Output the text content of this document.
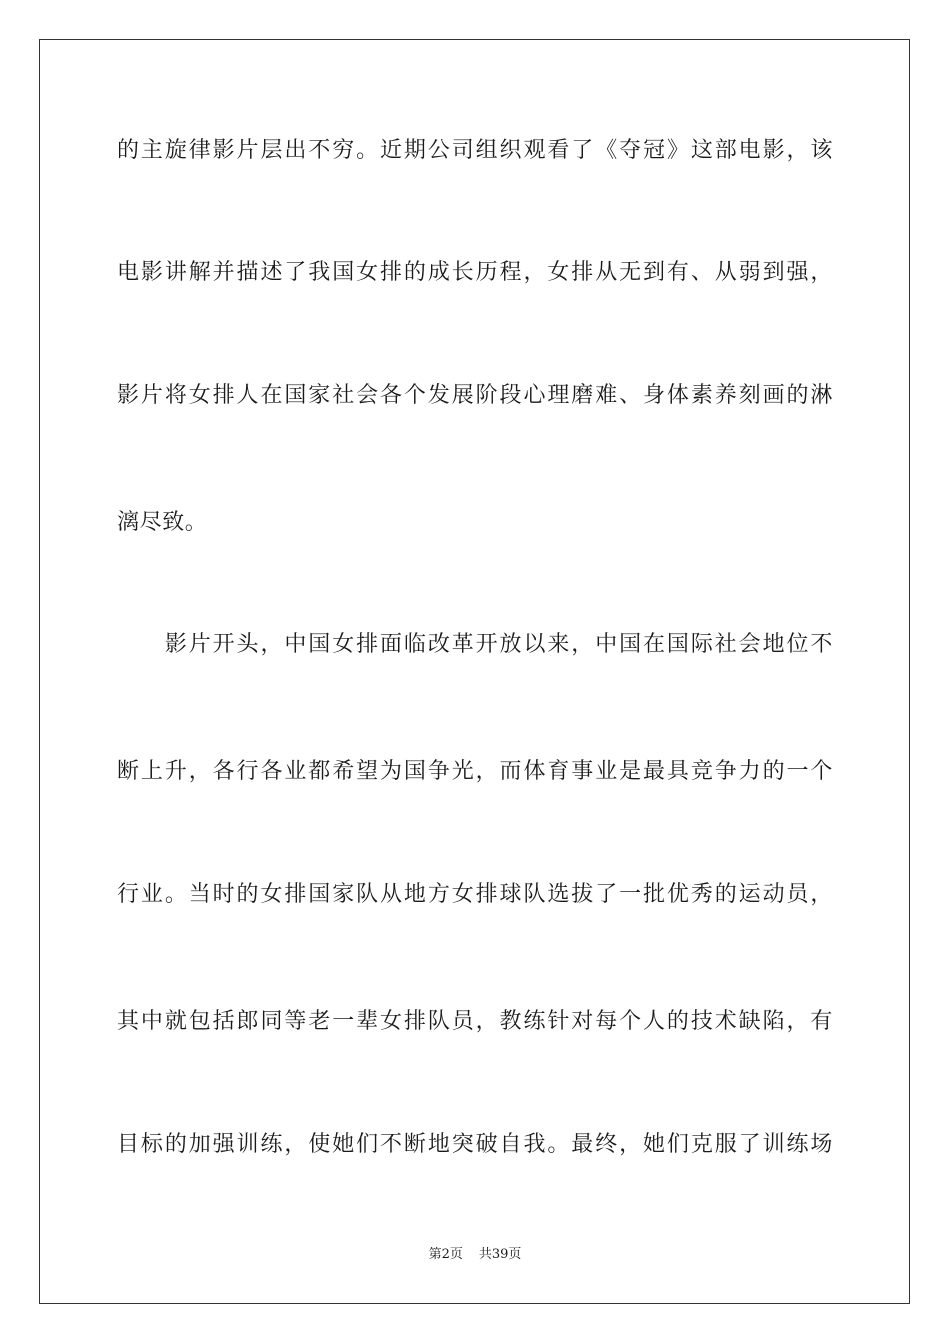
的主旋律影片层出不穷。近期公司组织观看了《夺冠》这部电影，该
电影讲解并描述了我国女排的成长历程，女排从无到有、从弱到强，
影片将女排人在国家社会各个发展阶段心理磨难、身体素养刻画的淋
漓尽致。
　　影片开头，中国女排面临改革开放以来，中国在国际社会地位不
断上升，各行各业都希望为国争光，而体育事业是最具竞争力的一个
行业。当时的女排国家队从地方女排球队选拔了一批优秀的运动员，
其中就包括郎同等老一辈女排队员，教练针对每个人的技术缺陷，有
目标的加强训练，使她们不断地突破自我。最终，她们克服了训练场
第2页 共39页
